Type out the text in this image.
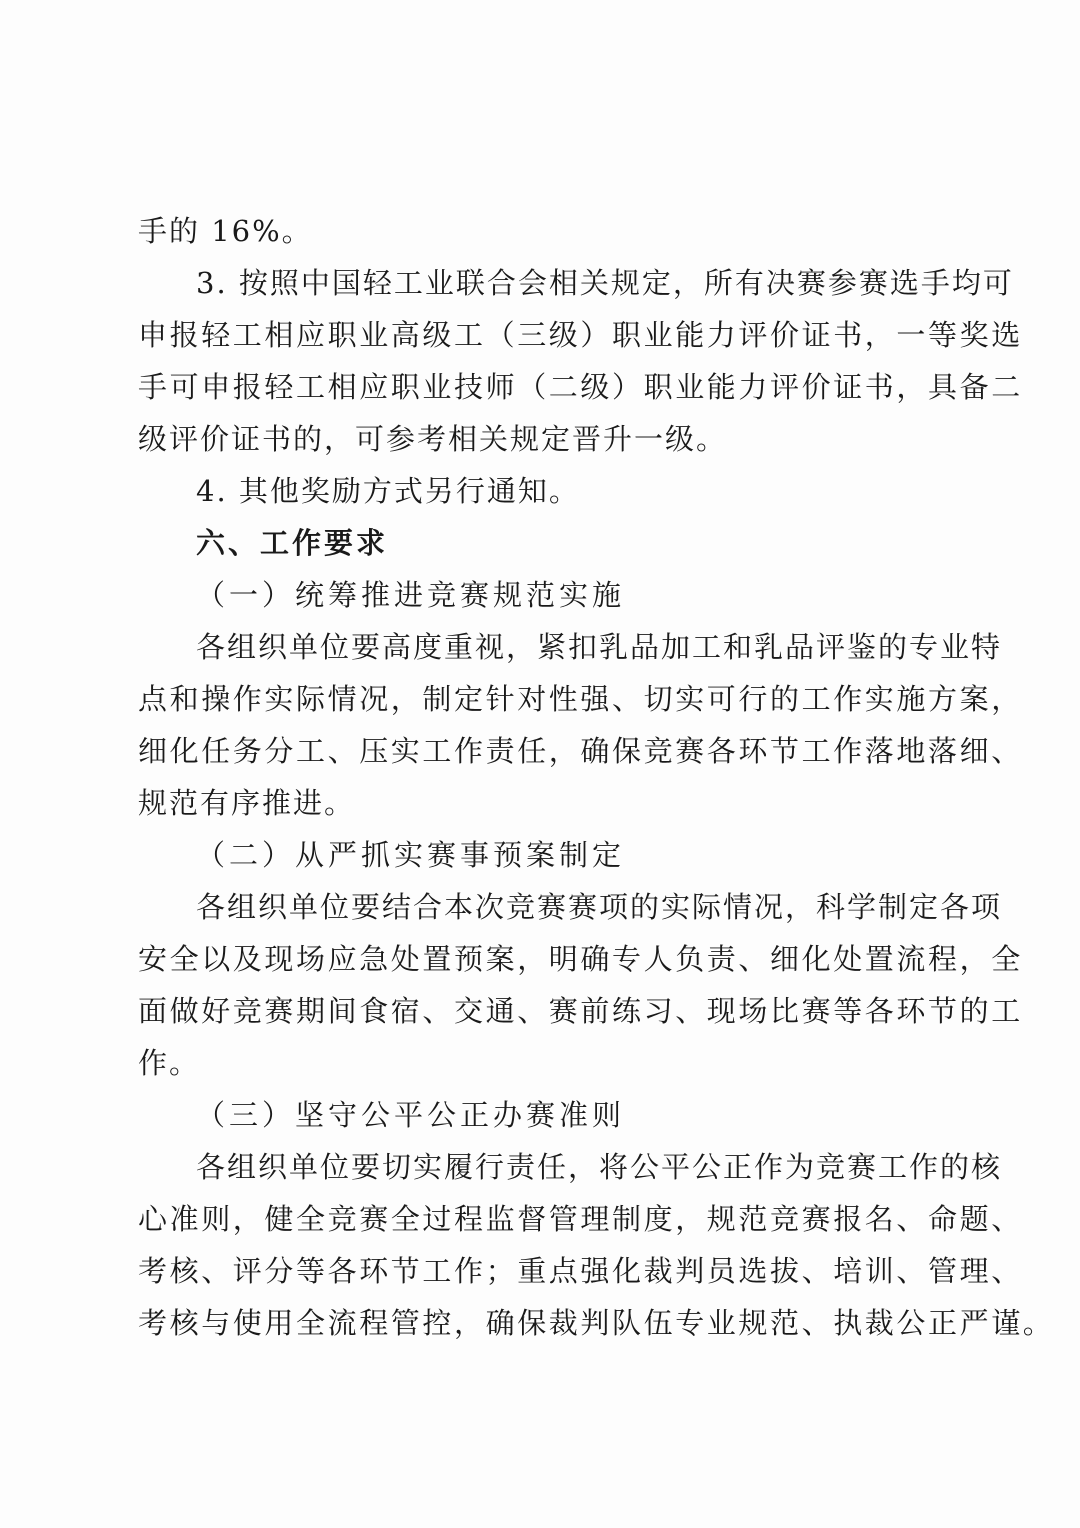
手的 16%。
3. 按照中国轻工业联合会相关规定，所有决赛参赛选手均可
申报轻工相应职业高级工（三级）职业能力评价证书，一等奖选
手可申报轻工相应职业技师（二级）职业能力评价证书，具备二
级评价证书的，可参考相关规定晋升一级。
4. 其他奖励方式另行通知。
六、工作要求
（一）统筹推进竞赛规范实施
各组织单位要高度重视，紧扣乳品加工和乳品评鉴的专业特
点和操作实际情况，制定针对性强、切实可行的工作实施方案，
细化任务分工、压实工作责任，确保竞赛各环节工作落地落细、
规范有序推进。
（二）从严抓实赛事预案制定
各组织单位要结合本次竞赛赛项的实际情况，科学制定各项
安全以及现场应急处置预案，明确专人负责、细化处置流程，全
面做好竞赛期间食宿、交通、赛前练习、现场比赛等各环节的工
作。
（三）坚守公平公正办赛准则
各组织单位要切实履行责任，将公平公正作为竞赛工作的核
心准则，健全竞赛全过程监督管理制度，规范竞赛报名、命题、
考核、评分等各环节工作；重点强化裁判员选拔、培训、管理、
考核与使用全流程管控，确保裁判队伍专业规范、执裁公正严谨。
